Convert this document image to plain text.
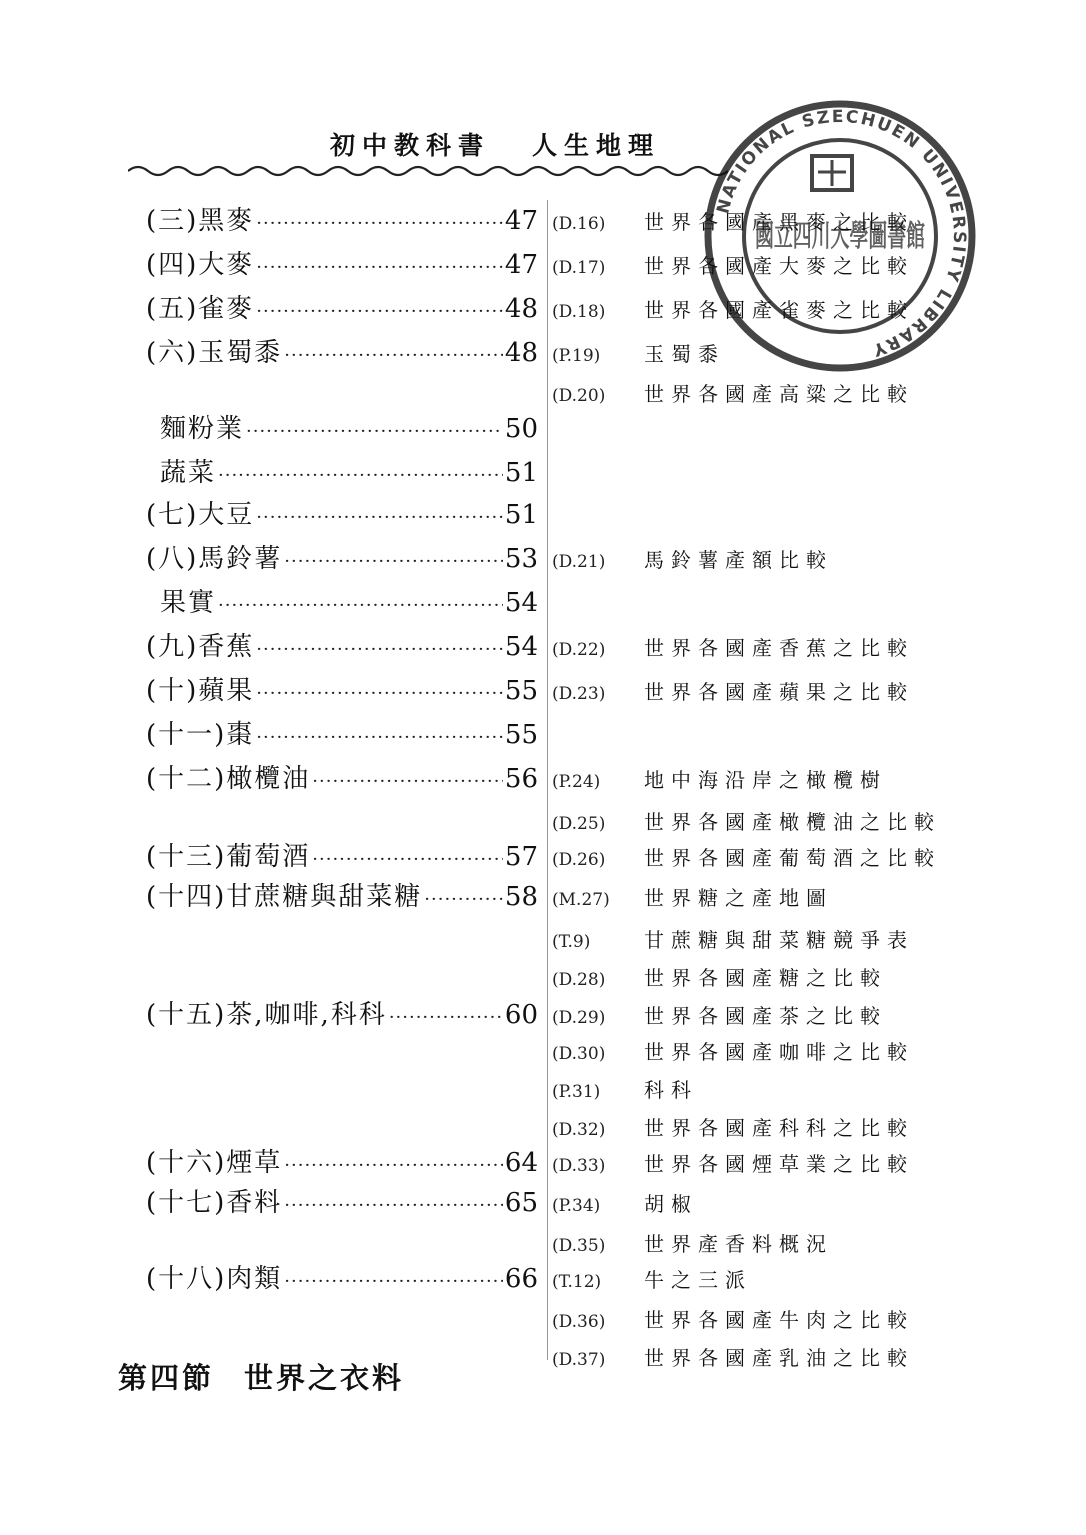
初中教科書 人生地理
NATIONAL SZECHUEN UNIVERSITY LIBRARY
國立四川大學圖書館
(三)黑麥 ·····	47 (D.16)	世界各國產黑麥之比較
(四)大麥 ·····	47 (D.17)	世界各國產大麥之比較
(五)雀麥 ·····	48 (D.18)	世界各國產雀麥之比較
(六)玉蜀黍 ·····	48 (P.19)	玉蜀黍
(D.20)	世界各國產高粱之比較
麵粉業 ·····	50
蔬菜 ·····	51
(七)大豆 ·····	51
(八)馬鈴薯 ·····	53 (D.21)	馬鈴薯產額比較
果實 ·····	54
(九)香蕉 ·····	54 (D.22)	世界各國產香蕉之比較
(十)蘋果 ·····	55 (D.23)	世界各國產蘋果之比較
(十一)棗 ·····	55
(十二)橄欖油 ·····	56 (P.24)	地中海沿岸之橄欖樹
(D.25)	世界各國產橄欖油之比較
(十三)葡萄酒 ·····	57 (D.26)	世界各國產葡萄酒之比較
(十四)甘蔗糖與甜菜糖 ·····	58 (M.27)	世界糖之產地圖
(T.9)	甘蔗糖與甜菜糖競爭表
(D.28)	世界各國產糖之比較
(十五)茶,咖啡,科科 ·····	60 (D.29)	世界各國產茶之比較
(D.30)	世界各國產咖啡之比較
(P.31)	科科
(D.32)	世界各國產科科之比較
(十六)煙草 ·····	64 (D.33)	世界各國煙草業之比較
(十七)香料 ·····	65 (P.34)	胡椒
(D.35)	世界產香料概況
(十八)肉類 ·····	66 (T.12)	牛之三派
(D.36)	世界各國產牛肉之比較
(D.37)	世界各國產乳油之比較
第四節 世界之衣料
